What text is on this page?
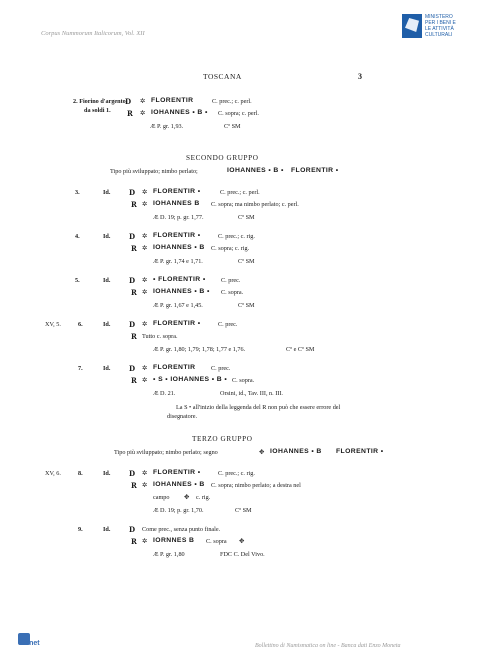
Corpus Nummorum Italicorum, Vol. XII
MINISTERO
PER I BENI E
LE ATTIVITÀ
CULTURALI
TOSCANA	3
2. Fiorino d'argento
da soldi 1.
D ✲ FLORENTIR	C. prec.; c. perl.
R ✲ IOHANNES • B • C. sopra; c. perl.
Æ P. gr. 1,93.	Cº SM
SECONDO GRUPPO
Tipo più sviluppato; nimbo perlato;	IOHANNES • B • FLORENTIR •
3.	Id.	D ✲ FLORENTIR •	C. prec.; c. perl.
R ✲ IOHANNES B C. sopra; ma nimbo perlato; c. perl.
Æ D. 19; p. gr. 1,77.	Cº SM
4.	Id.	D ✲ FLORENTIR •	C. prec.; c. rig.
R ✲ IOHANNES • B C. sopra; c. rig.
Æ P. gr. 1,74 e 1,71.	Cº SM
5.	Id.	D ✲ • FLORENTIR • C. prec.
R ✲ IOHANNES • B • C. sopra.
Æ P. gr. 1,67 e 1,45.	Cº SM
XV, 5.	6.	Id.	D ✲ FLORENTIR •	C. prec.
R Tutto c. sopra.
Æ P. gr. 1,80; 1,79; 1,78; 1,77 e 1,76.	Cº e Cº SM
7.	Id.	D ✲ FLORENTIR	C. prec.
R ✲ • S • IOHANNES • B • C. sopra.
Æ D. 21.	Orsini, id., Tav. III, n. III.
La S • all'inizio della leggenda del R non può che essere errore del
disegnatore.
TERZO GRUPPO
Tipo più sviluppato; nimbo perlato; segno	✥ IOHANNES • B FLORENTIR •
XV, 6.	8.	Id.	D ✲ FLORENTIR •	C. prec.; c. rig.
R ✲ IOHANNES • B C. sopra; nimbo perlato; a destra nel
campo ✥ c. rig.
Æ D. 19; p. gr. 1,70.	Cº SM
9.	Id.	D Come prec., senza punto finale.
R ✲ IORNNES B C. sopra ✥
Æ P. gr. 1,80	FDC C. Del Vivo.
Monet	Bollettino di Numismatica on line - Banca dati Enzo Moneta
